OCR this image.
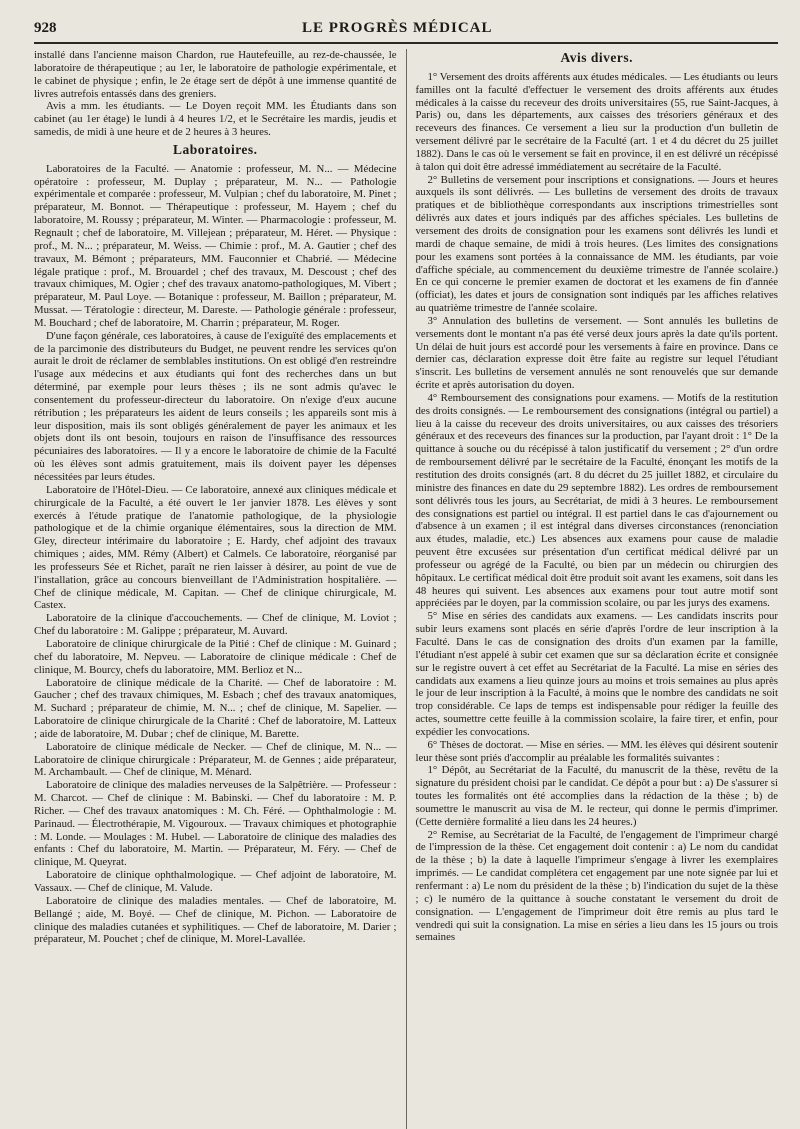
928	LE PROGRÈS MÉDICAL

installé dans l'ancienne maison Chardon, rue Hautefeuille, au rez-de-chaussée, le laboratoire de thérapeutique ; au 1er, le laboratoire de pathologie expérimentale, et le cabinet de physique ; enfin, le 2e étage sert de dépôt à une immense quantité de livres autrefois entassés dans des greniers.

Avis a mm. les étudiants. — Le Doyen reçoit MM. les Étudiants dans son cabinet (au 1er étage) le lundi à 4 heures 1/2, et le Secrétaire les mardis, jeudis et samedis, de midi à une heure et de 2 heures à 3 heures.

Laboratoires.

Laboratoires de la Faculté. — Anatomie : professeur, M. N... — Médecine opératoire : professeur, M. Duplay ; préparateur, M. N... — Pathologie expérimentale et comparée : professeur, M. Vulpian ; chef du laboratoire, M. Pinet ; préparateur, M. Bonnot. — Thérapeutique : professeur, M. Hayem ; chef du laboratoire, M. Roussy ; préparateur, M. Winter. — Pharmacologie : professeur, M. Regnault ; chef de laboratoire, M. Villejean ; préparateur, M. Héret. — Physique : prof., M. N... ; préparateur, M. Weiss. — Chimie : prof., M. A. Gautier ; chef des travaux, M. Bémont ; préparateurs, MM. Fauconnier et Chabrié. — Médecine légale pratique : prof., M. Brouardel ; chef des travaux, M. Descoust ; chef des travaux chimiques, M. Ogier ; chef des travaux anatomo-pathologiques, M. Vibert ; préparateur, M. Paul Loye. — Botanique : professeur, M. Baillon ; préparateur, M. Mussat. — Tératologie : directeur, M. Dareste. — Pathologie générale : professeur, M. Bouchard ; chef de laboratoire, M. Charrin ; préparateur, M. Roger.

D'une façon générale, ces laboratoires, à cause de l'exiguïté des emplacements et de la parcimonie des distributeurs du Budget, ne peuvent rendre les services qu'on aurait le droit de réclamer de semblables institutions. On est obligé d'en restreindre l'usage aux médecins et aux étudiants qui font des recherches dans un but déterminé, par exemple pour leurs thèses ; ils ne sont admis qu'avec le consentement du professeur-directeur du laboratoire. On n'exige d'eux aucune rétribution ; les préparateurs les aident de leurs conseils ; les appareils sont mis à leur disposition, mais ils sont obligés généralement de payer les animaux et les objets dont ils ont besoin, toujours en raison de l'insuffisance des ressources pécuniaires des laboratoires. — Il y a encore le laboratoire de chimie de la Faculté où les élèves sont admis gratuitement, mais ils doivent payer les dépenses nécessitées par leurs études.

Laboratoire de l'Hôtel-Dieu. — Ce laboratoire, annexé aux cliniques médicale et chirurgicale de la Faculté, a été ouvert le 1er janvier 1878. Les élèves y sont exercés à l'étude pratique de l'anatomie pathologique, de la physiologie pathologique et de la chimie organique élémentaires, sous la direction de MM. Gley, directeur intérimaire du laboratoire ; E. Hardy, chef adjoint des travaux chimiques ; aides, MM. Rémy (Albert) et Calmels. Ce laboratoire, réorganisé par les professeurs Sée et Richet, paraît ne rien laisser à désirer, au point de vue de l'installation, grâce au concours bienveillant de l'Administration hospitalière. — Chef de clinique médicale, M. Capitan. — Chef de clinique chirurgicale, M. Castex.

Laboratoire de la clinique d'accouchements. — Chef de clinique, M. Loviot ; Chef du laboratoire : M. Galippe ; préparateur, M. Auvard.

Laboratoire de clinique chirurgicale de la Pitié : Chef de clinique : M. Guinard ; chef du laboratoire, M. Nepveu. — Laboratoire de clinique médicale : Chef de clinique, M. Bourcy, chefs du laboratoire, MM. Berlioz et N...

Laboratoire de clinique médicale de la Charité. — Chef de laboratoire : M. Gaucher ; chef des travaux chimiques, M. Esbach ; chef des travaux anatomiques, M. Suchard ; préparateur de chimie, M. N... ; chef de clinique, M. Sapelier. — Laboratoire de clinique chirurgicale de la Charité : Chef de laboratoire, M. Latteux ; aide de laboratoire, M. Dubar ; chef de clinique, M. Barette.

Laboratoire de clinique médicale de Necker. — Chef de clinique, M. N... — Laboratoire de clinique chirurgicale : Préparateur, M. de Gennes ; aide préparateur, M. Archambault. — Chef de clinique, M. Ménard.

Laboratoire de clinique des maladies nerveuses de la Salpêtrière. — Professeur : M. Charcot. — Chef de clinique : M. Babinski. — Chef du laboratoire : M. P. Richer. — Chef des travaux anatomiques : M. Ch. Féré. — Ophthalmologie : M. Parinaud. — Électrothérapie, M. Vigouroux. — Travaux chimiques et photographie : M. Londe. — Moulages : M. Hubel. — Laboratoire de clinique des maladies des enfants : Chef du laboratoire, M. Martin. — Préparateur, M. Féry. — Chef de clinique, M. Queyrat.

Laboratoire de clinique ophthalmologique. — Chef adjoint de laboratoire, M. Vassaux. — Chef de clinique, M. Valude.

Laboratoire de clinique des maladies mentales. — Chef de laboratoire, M. Bellangé ; aide, M. Boyé. — Chef de clinique, M. Pichon. — Laboratoire de clinique des maladies cutanées et syphilitiques. — Chef de laboratoire, M. Darier ; préparateur, M. Pouchet ; chef de clinique, M. Morel-Lavallée.

Avis divers.

1° Versement des droits afférents aux études médicales. — Les étudiants ou leurs familles ont la faculté d'effectuer le versement des droits afférents aux études médicales à la caisse du receveur des droits universitaires (55, rue Saint-Jacques, à Paris) ou, dans les départements, aux caisses des trésoriers généraux et des receveurs des finances. Ce versement a lieu sur la production d'un bulletin de versement délivré par le secrétaire de la Faculté (art. 1 et 4 du décret du 25 juillet 1882). Dans le cas où le versement se fait en province, il en est délivré un récépissé à talon qui doit être adressé immédiatement au secrétaire de la Faculté.

2° Bulletins de versement pour inscriptions et consignations. — Jours et heures auxquels ils sont délivrés. — Les bulletins de versement des droits de travaux pratiques et de bibliothèque correspondants aux inscriptions trimestrielles sont délivrés aux dates et jours indiqués par des affiches spéciales. Les bulletins de versement des droits de consignation pour les examens sont délivrés les lundi et mardi de chaque semaine, de midi à trois heures. (Les limites des consignations pour les examens sont portées à la connaissance de MM. les étudiants, par voie d'affiche spéciale, au commencement du deuxième trimestre de l'année scolaire.) En ce qui concerne le premier examen de doctorat et les examens de fin d'année (officiat), les dates et jours de consignation sont indiqués par les affiches relatives au quatrième trimestre de l'année scolaire.

3° Annulation des bulletins de versement. — Sont annulés les bulletins de versements dont le montant n'a pas été versé deux jours après la date qu'ils portent. Un délai de huit jours est accordé pour les versements à faire en province. Dans ce dernier cas, déclaration expresse doit être faite au registre sur lequel l'étudiant s'inscrit. Les bulletins de versement annulés ne sont renouvelés que sur demande écrite et après autorisation du doyen.

4° Remboursement des consignations pour examens. — Motifs de la restitution des droits consignés. — Le remboursement des consignations (intégral ou partiel) a lieu à la caisse du receveur des droits universitaires, ou aux caisses des trésoriers généraux et des receveurs des finances sur la production, par l'ayant droit : 1° De la quittance à souche ou du récépissé à talon justificatif du versement ; 2° d'un ordre de remboursement délivré par le secrétaire de la Faculté, énonçant les motifs de la restitution des droits consignés (art. 8 du décret du 25 juillet 1882, et circulaire du ministre des finances en date du 29 septembre 1882). Les ordres de remboursement sont délivrés tous les jours, au Secrétariat, de midi à 3 heures. Le remboursement des consignations est partiel ou intégral. Il est partiel dans le cas d'ajournement ou d'absence à un examen ; il est intégral dans diverses circonstances (renonciation aux études, maladie, etc.) Les absences aux examens pour cause de maladie peuvent être excusées sur présentation d'un certificat médical délivré par un professeur ou agrégé de la Faculté, ou bien par un médecin ou chirurgien des hôpitaux. Le certificat médical doit être produit soit avant les examens, soit dans les 48 heures qui suivent. Les absences aux examens pour tout autre motif sont appréciées par le doyen, par la commission scolaire, ou par les jurys des examens.

5° Mise en séries des candidats aux examens. — Les candidats inscrits pour subir leurs examens sont placés en série d'après l'ordre de leur inscription à la Faculté. Dans le cas de consignation des droits d'un examen par la famille, l'étudiant n'est appelé à subir cet examen que sur sa déclaration écrite et consignée sur le registre ouvert à cet effet au Secrétariat de la Faculté. La mise en séries des candidats aux examens a lieu quinze jours au moins et trois semaines au plus après le jour de leur inscription à la Faculté, à moins que le nombre des candidats ne soit trop considérable. Ce laps de temps est indispensable pour rédiger la feuille des actes, soumettre cette feuille à la commission scolaire, la faire tirer, et enfin, pour expédier les convocations.

6° Thèses de doctorat. — Mise en séries. — MM. les élèves qui désirent soutenir leur thèse sont priés d'accomplir au préalable les formalités suivantes :

1° Dépôt, au Secrétariat de la Faculté, du manuscrit de la thèse, revêtu de la signature du président choisi par le candidat. Ce dépôt a pour but : a) De s'assurer si toutes les formalités ont été accomplies dans la rédaction de la thèse ; b) de soumettre le manuscrit au visa de M. le recteur, qui donne le permis d'imprimer. (Cette dernière formalité a lieu dans les 24 heures.)

2° Remise, au Secrétariat de la Faculté, de l'engagement de l'imprimeur chargé de l'impression de la thèse. Cet engagement doit contenir : a) Le nom du candidat de la thèse ; b) la date à laquelle l'imprimeur s'engage à livrer les exemplaires imprimés. — Le candidat complétera cet engagement par une note signée par lui et renfermant : a) Le nom du président de la thèse ; b) l'indication du sujet de la thèse ; c) le numéro de la quittance à souche constatant le versement du droit de consignation. — L'engagement de l'imprimeur doit être remis au plus tard le vendredi qui suit la consignation. La mise en séries a lieu dans les 15 jours ou trois semaines
